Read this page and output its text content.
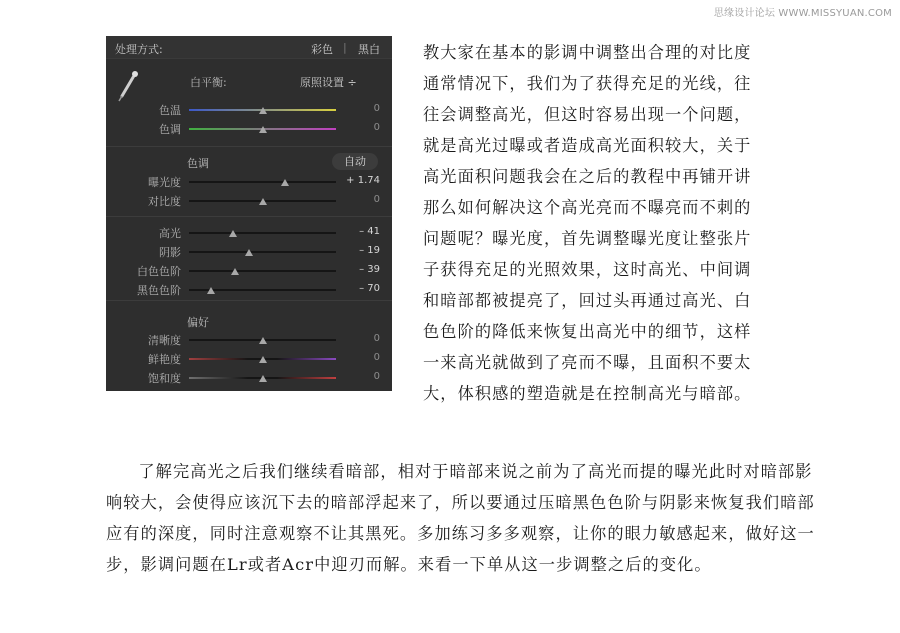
思缘设计论坛 WWW.MISSYUAN.COM
处理方式:	彩色 | 黑白
白平衡:	原照设置 ÷
色温	0
色调	0
色调	自动
曝光度	+ 1.74
对比度	0
高光	– 41
阴影	– 19
白色色阶	– 39
黑色色阶	– 70
偏好
清晰度	0
鲜艳度	0
饱和度	0

教大家在基本的影调中调整出合理的对比度

通常情况下，我们为了获得充足的光线，往

往会调整高光，但这时容易出现一个问题，

就是高光过曝或者造成高光面积较大，关于

高光面积问题我会在之后的教程中再铺开讲

那么如何解决这个高光亮而不曝亮而不刺的

问题呢？曝光度，首先调整曝光度让整张片

子获得充足的光照效果，这时高光、中间调

和暗部都被提亮了，回过头再通过高光、白

色色阶的降低来恢复出高光中的细节，这样

一来高光就做到了亮而不曝，且面积不要太

大，体积感的塑造就是在控制高光与暗部。

了解完高光之后我们继续看暗部，相对于暗部来说之前为了高光而提的曝光此时对暗部影响较大，会使得应该沉下去的暗部浮起来了，所以要通过压暗黑色色阶与阴影来恢复我们暗部应有的深度，同时注意观察不让其黑死。多加练习多多观察，让你的眼力敏感起来，做好这一步，影调问题在Lr或者Acr中迎刃而解。来看一下单从这一步调整之后的变化。
